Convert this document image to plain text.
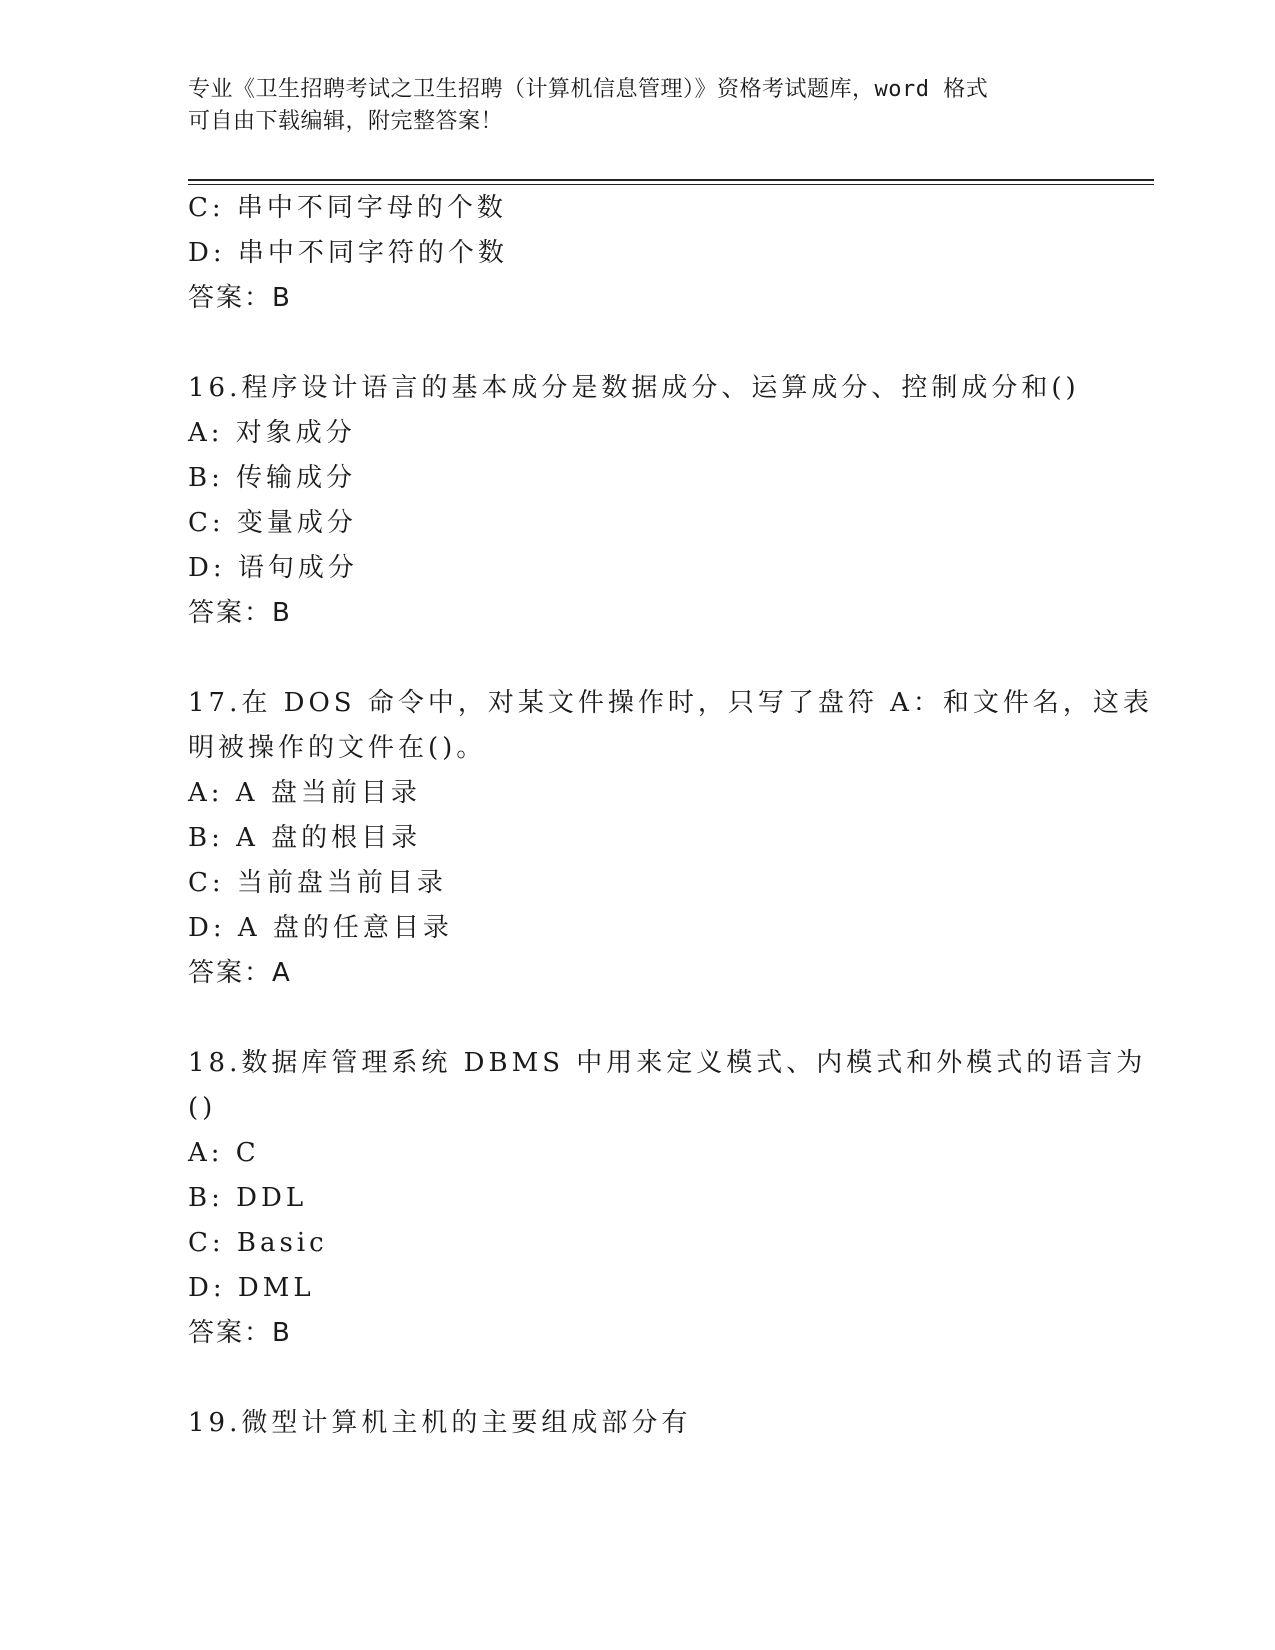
专业《卫生招聘考试之卫生招聘（计算机信息管理）》资格考试题库，word 格式
可自由下载编辑，附完整答案！
C: 串中不同字母的个数
D: 串中不同字符的个数
答案：B
16.程序设计语言的基本成分是数据成分、运算成分、控制成分和()
A: 对象成分
B: 传输成分
C: 变量成分
D: 语句成分
答案：B
17.在 DOS 命令中，对某文件操作时，只写了盘符 A：和文件名，这表
明被操作的文件在()。
A: A 盘当前目录
B: A 盘的根目录
C: 当前盘当前目录
D: A 盘的任意目录
答案：A
18.数据库管理系统 DBMS 中用来定义模式、内模式和外模式的语言为
()
A: C
B: DDL
C: Basic
D: DML
答案：B
19.微型计算机主机的主要组成部分有
